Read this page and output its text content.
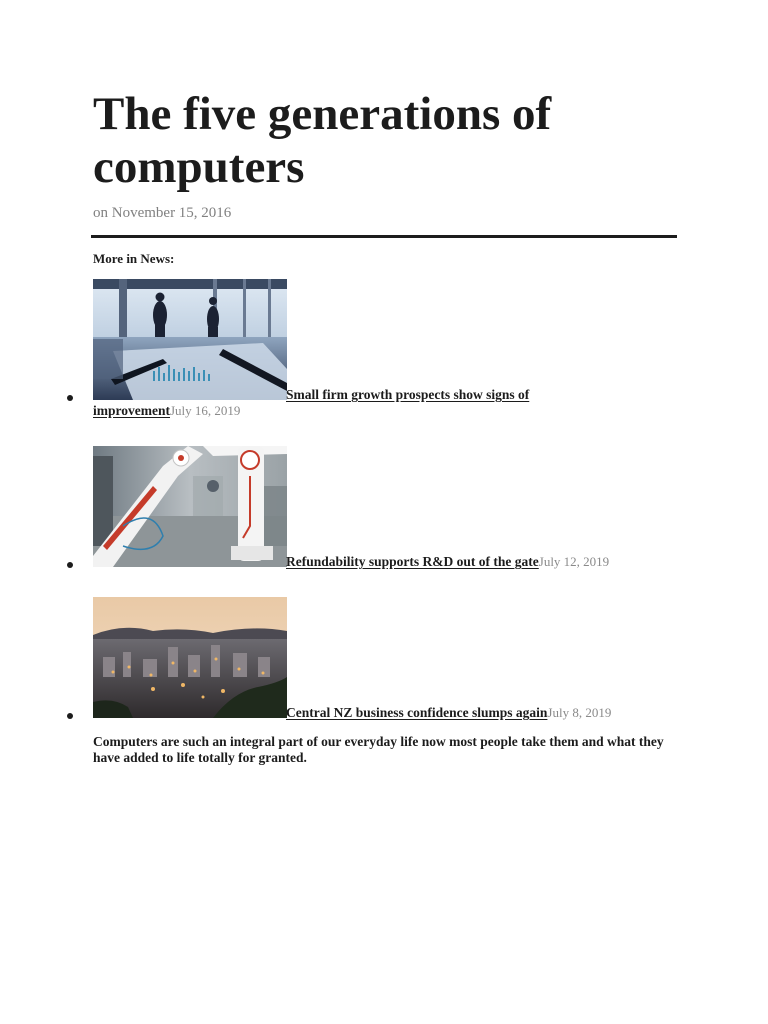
The five generations of computers
on November 15, 2016
More in News:
Small firm growth prospects show signs of
improvementJuly 16, 2019
Refundability supports R&D out of the gateJuly 12, 2019
Central NZ business confidence slumps againJuly 8, 2019

Computers are such an integral part of our everyday life now most people take them and what they have added to life totally for granted.
